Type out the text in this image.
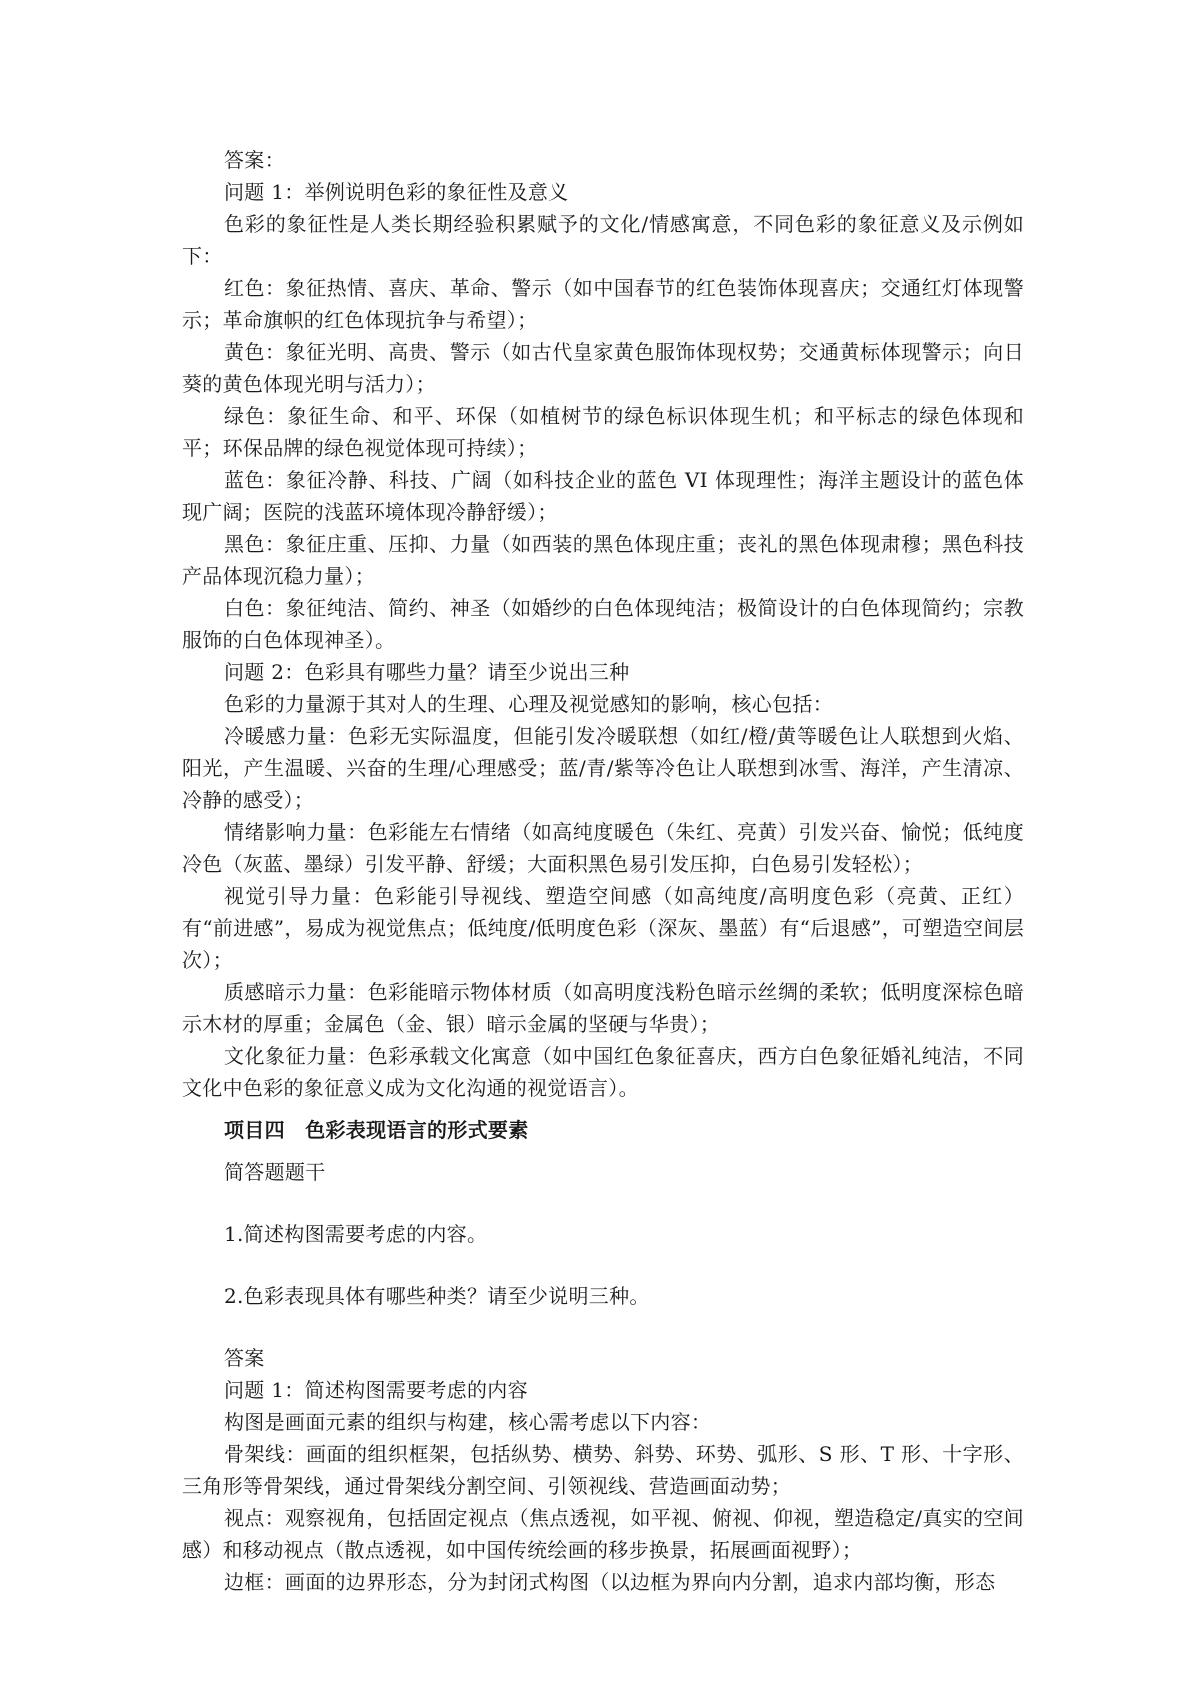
答案：

问题 1：举例说明色彩的象征性及意义

色彩的象征性是人类长期经验积累赋予的文化/情感寓意，不同色彩的象征意义及示例如下：

红色：象征热情、喜庆、革命、警示（如中国春节的红色装饰体现喜庆；交通红灯体现警示；革命旗帜的红色体现抗争与希望）；

黄色：象征光明、高贵、警示（如古代皇家黄色服饰体现权势；交通黄标体现警示；向日葵的黄色体现光明与活力）；

绿色：象征生命、和平、环保（如植树节的绿色标识体现生机；和平标志的绿色体现和平；环保品牌的绿色视觉体现可持续）；

蓝色：象征冷静、科技、广阔（如科技企业的蓝色 VI 体现理性；海洋主题设计的蓝色体现广阔；医院的浅蓝环境体现冷静舒缓）；

黑色：象征庄重、压抑、力量（如西装的黑色体现庄重；丧礼的黑色体现肃穆；黑色科技产品体现沉稳力量）；

白色：象征纯洁、简约、神圣（如婚纱的白色体现纯洁；极简设计的白色体现简约；宗教服饰的白色体现神圣）。

问题 2：色彩具有哪些力量？请至少说出三种

色彩的力量源于其对人的生理、心理及视觉感知的影响，核心包括：

冷暖感力量：色彩无实际温度，但能引发冷暖联想（如红/橙/黄等暖色让人联想到火焰、阳光，产生温暖、兴奋的生理/心理感受；蓝/青/紫等冷色让人联想到冰雪、海洋，产生清凉、冷静的感受）；

情绪影响力量：色彩能左右情绪（如高纯度暖色（朱红、亮黄）引发兴奋、愉悦；低纯度冷色（灰蓝、墨绿）引发平静、舒缓；大面积黑色易引发压抑，白色易引发轻松）；

视觉引导力量：色彩能引导视线、塑造空间感（如高纯度/高明度色彩（亮黄、正红）有“前进感”，易成为视觉焦点；低纯度/低明度色彩（深灰、墨蓝）有“后退感”，可塑造空间层次）；

质感暗示力量：色彩能暗示物体材质（如高明度浅粉色暗示丝绸的柔软；低明度深棕色暗示木材的厚重；金属色（金、银）暗示金属的坚硬与华贵）；

文化象征力量：色彩承载文化寓意（如中国红色象征喜庆，西方白色象征婚礼纯洁，不同文化中色彩的象征意义成为文化沟通的视觉语言）。

项目四　色彩表现语言的形式要素

简答题题干

1.简述构图需要考虑的内容。

2.色彩表现具体有哪些种类？请至少说明三种。

答案

问题 1：简述构图需要考虑的内容

构图是画面元素的组织与构建，核心需考虑以下内容：

骨架线：画面的组织框架，包括纵势、横势、斜势、环势、弧形、S 形、T 形、十字形、三角形等骨架线，通过骨架线分割空间、引领视线、营造画面动势；

视点：观察视角，包括固定视点（焦点透视，如平视、俯视、仰视，塑造稳定/真实的空间感）和移动视点（散点透视，如中国传统绘画的移步换景，拓展画面视野）；

边框：画面的边界形态，分为封闭式构图（以边框为界向内分割，追求内部均衡，形态
